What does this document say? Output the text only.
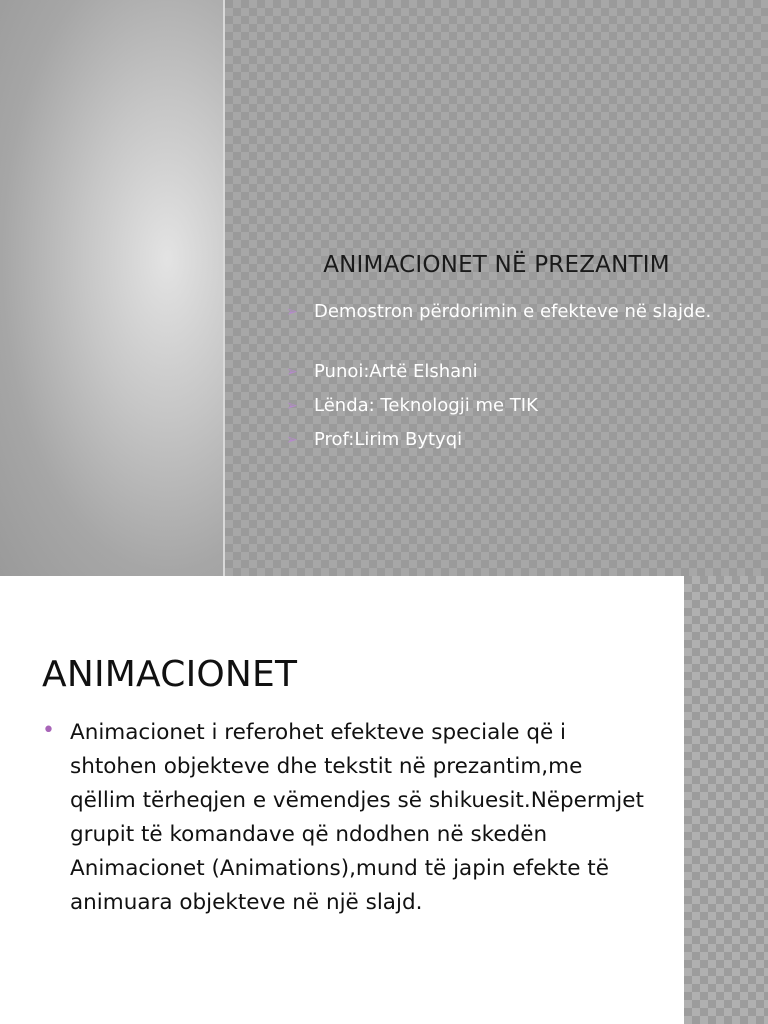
ANIMACIONET NË PREZANTIM
➢ Demostron përdorimin e efekteve në slajde.
➢ Punoi:Artë Elshani
➢ Lënda: Teknologji me TIK
➢ Prof:Lirim Bytyqi
ANIMACIONET
• Animacionet i referohet efekteve speciale që i shtohen objekteve dhe tekstit në prezantim,me qëllim tërheqjen e vëmendjes së shikuesit.Nëpermjet grupit të komandave që ndodhen në skedën Animacionet (Animations),mund të japin efekte të animuara objekteve në një slajd.
